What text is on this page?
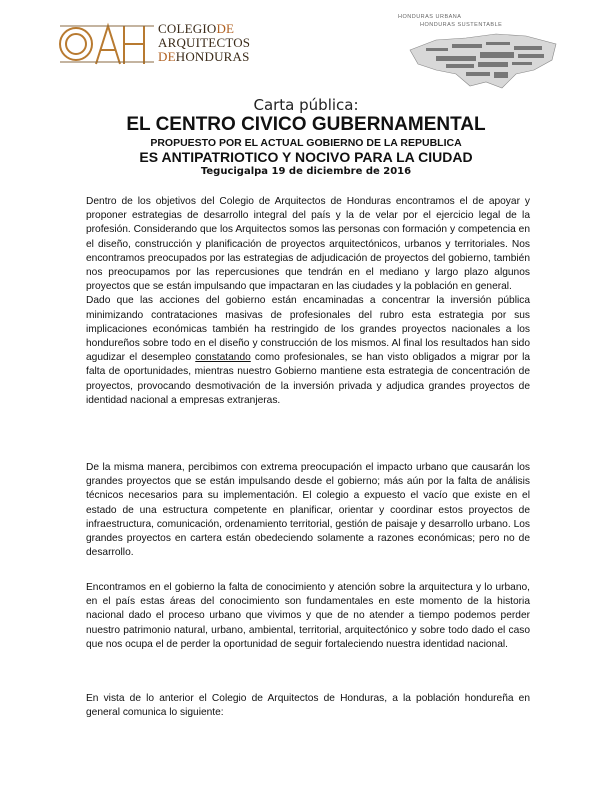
COLEGIODE
ARQUITECTOS
DEHONDURAS
HONDURAS URBANA
HONDURAS SUSTENTABLE
Carta pública:
EL CENTRO CIVICO GUBERNAMENTAL
PROPUESTO POR EL ACTUAL GOBIERNO DE LA REPUBLICA
ES ANTIPATRIOTICO Y NOCIVO PARA LA CIUDAD
Tegucigalpa 19 de diciembre de 2016
Dentro de los objetivos del Colegio de Arquitectos de Honduras encontramos el de apoyar y proponer estrategias de desarrollo integral del país y la de velar por el ejercicio legal de la profesión. Considerando que los Arquitectos somos las personas con formación y competencia en el diseño, construcción y planificación de proyectos arquitectónicos, urbanos y territoriales. Nos encontramos preocupados por las estrategias de adjudicación de proyectos del gobierno, también nos preocupamos por las repercusiones que tendrán en el mediano y largo plazo algunos proyectos que se están impulsando que impactaran en las ciudades y la población en general.
Dado que las acciones del gobierno están encaminadas a concentrar la inversión pública minimizando contrataciones masivas de profesionales del rubro esta estrategia por sus implicaciones económicas también ha restringido de los grandes proyectos nacionales a los hondureños sobre todo en el diseño y construcción de los mismos. Al final los resultados han sido agudizar el desempleo constatando como profesionales, se han visto obligados a migrar por la falta de oportunidades, mientras nuestro Gobierno mantiene esta estrategia de concentración de proyectos, provocando desmotivación de la inversión privada y adjudica grandes proyectos de identidad nacional a empresas extranjeras.
De la misma manera, percibimos con extrema preocupación el impacto urbano que causarán los grandes proyectos que se están impulsando desde el gobierno; más aún por la falta de análisis técnicos necesarios para su implementación. El colegio a expuesto el vacío que existe en el estado de una estructura competente en planificar, orientar y coordinar estos proyectos de infraestructura, comunicación, ordenamiento territorial, gestión de paisaje y desarrollo urbano. Los grandes proyectos en cartera están obedeciendo solamente a razones económicas; pero no de desarrollo.
Encontramos en el gobierno la falta de conocimiento y atención sobre la arquitectura y lo urbano, en el país estas áreas del conocimiento son fundamentales en este momento de la historia nacional dado el proceso urbano que vivimos y que de no atender a tiempo podemos perder nuestro patrimonio natural, urbano, ambiental, territorial, arquitectónico y sobre todo dado el caso que nos ocupa el de perder la oportunidad de seguir fortaleciendo nuestra identidad nacional.
En vista de lo anterior el Colegio de Arquitectos de Honduras, a la población hondureña en general comunica lo siguiente:
